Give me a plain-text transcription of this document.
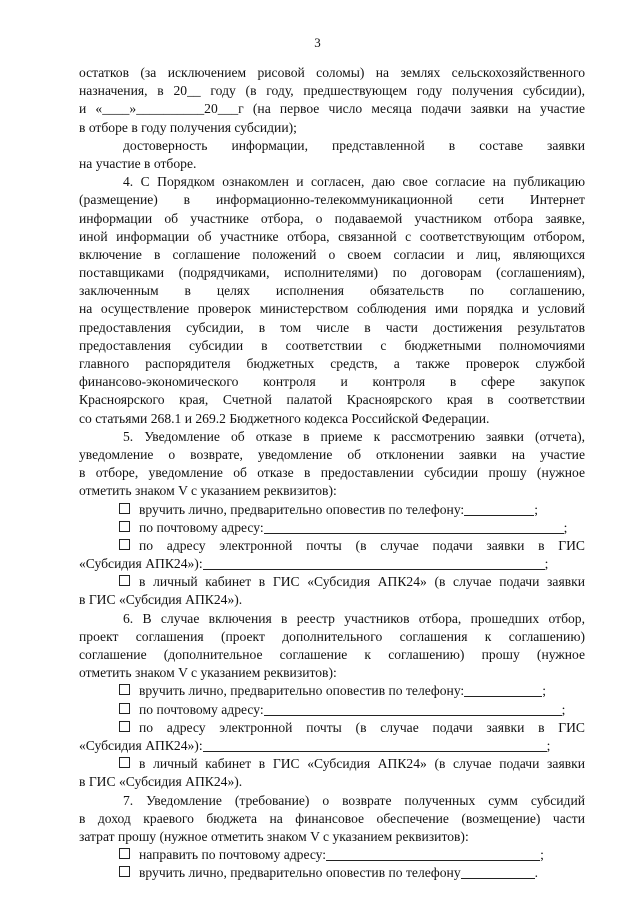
3
остатков (за исключением рисовой соломы) на землях сельскохозяйственного
назначения, в 20__ году (в году, предшествующем году получения субсидии),
и «____»__________20___г (на первое число месяца подачи заявки на участие
в отборе в году получения субсидии);
достоверность информации, представленной в составе заявки
на участие в отборе.
4. С Порядком ознакомлен и согласен, даю свое согласие на публикацию
(размещение) в информационно-телекоммуникационной сети Интернет
информации об участнике отбора, о подаваемой участником отбора заявке,
иной информации об участнике отбора, связанной с соответствующим отбором,
включение в соглашение положений о своем согласии и лиц, являющихся
поставщиками (подрядчиками, исполнителями) по договорам (соглашениям),
заключенным в целях исполнения обязательств по соглашению,
на осуществление проверок министерством соблюдения ими порядка и условий
предоставления субсидии, в том числе в части достижения результатов
предоставления субсидии в соответствии с бюджетными полномочиями
главного распорядителя бюджетных средств, а также проверок службой
финансово-экономического контроля и контроля в сфере закупок
Красноярского края, Счетной палатой Красноярского края в соответствии
со статьями 268.1 и 269.2 Бюджетного кодекса Российской Федерации.
5. Уведомление об отказе в приеме к рассмотрению заявки (отчета),
уведомление о возврате, уведомление об отклонении заявки на участие
в отборе, уведомление об отказе в предоставлении субсидии прошу (нужное
отметить знаком V с указанием реквизитов):
вручить лично, предварительно оповестив по телефону:	;
по почтовому адресу:	;
по адресу электронной почты (в случае подачи заявки в ГИС
«Субсидия АПК24»):	;
в личный кабинет в ГИС «Субсидия АПК24» (в случае подачи заявки
в ГИС «Субсидия АПК24»).
6. В случае включения в реестр участников отбора, прошедших отбор,
проект соглашения (проект дополнительного соглашения к соглашению)
соглашение (дополнительное соглашение к соглашению) прошу (нужное
отметить знаком V с указанием реквизитов):
вручить лично, предварительно оповестив по телефону:	;
по почтовому адресу:	;
по адресу электронной почты (в случае подачи заявки в ГИС
«Субсидия АПК24»):	;
в личный кабинет в ГИС «Субсидия АПК24» (в случае подачи заявки
в ГИС «Субсидия АПК24»).
7. Уведомление (требование) о возврате полученных сумм субсидий
в доход краевого бюджета на финансовое обеспечение (возмещение) части
затрат прошу (нужное отметить знаком V с указанием реквизитов):
направить по почтовому адресу:	;
вручить лично, предварительно оповестив по телефону	.
